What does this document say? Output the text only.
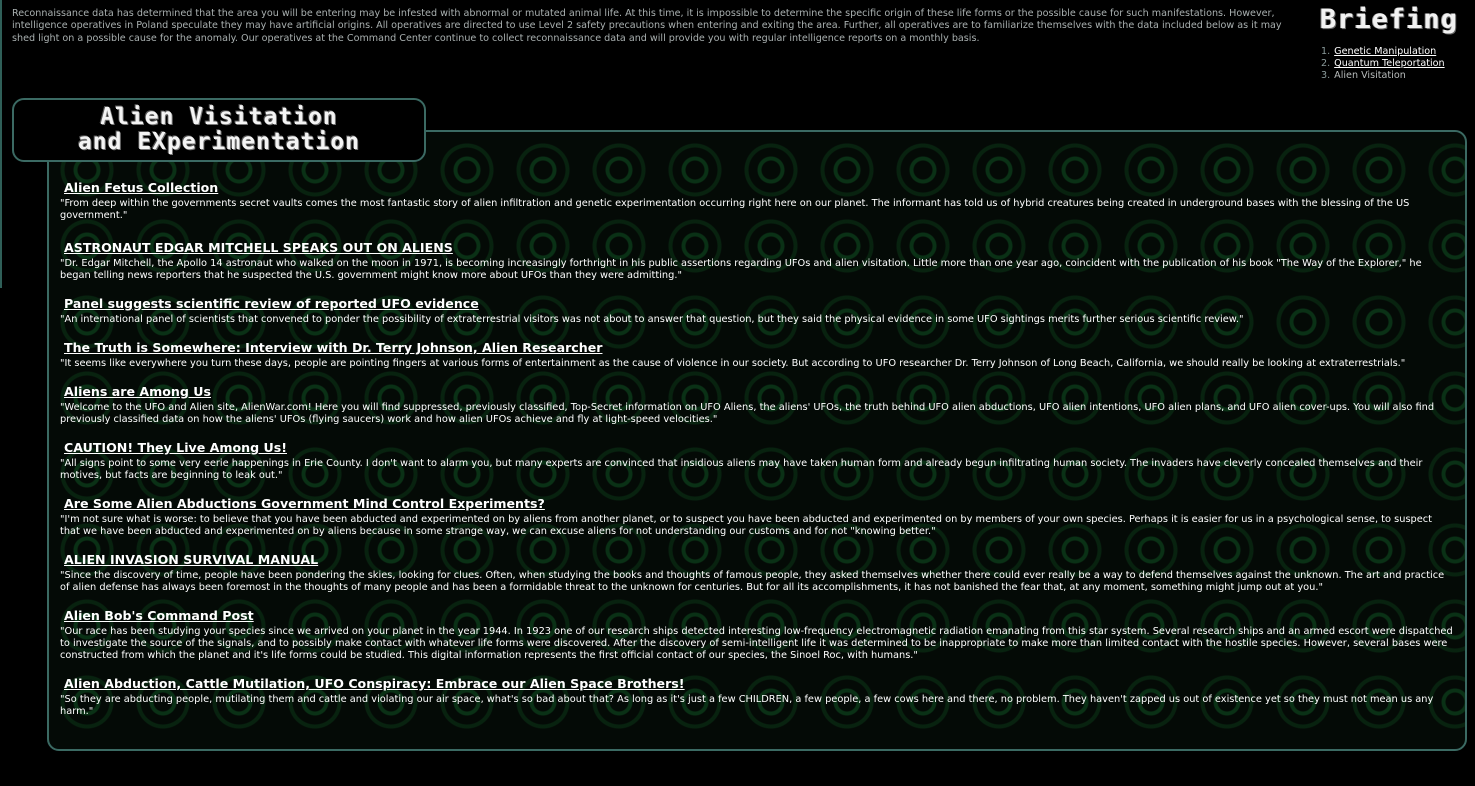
Reconnaissance data has determined that the area you will be entering may be infested with abnormal or mutated animal life. At this time, it is impossible to determine the specific origin of these life forms or the possible cause for such manifestations. However, intelligence operatives in Poland speculate they may have artificial origins. All operatives are directed to use Level 2 safety precautions when entering and exiting the area. Further, all operatives are to familiarize themselves with the data included below as it may shed light on a possible cause for the anomaly. Our operatives at the Command Center continue to collect reconnaissance data and will provide you with regular intelligence reports on a monthly basis.

Briefing
1. Genetic Manipulation
2. Quantum Teleportation
3. Alien Visitation
Alien Visitation
and EXperimentation
Alien Fetus Collection

"From deep within the governments secret vaults comes the most fantastic story of alien infiltration and genetic experimentation occurring right here on our planet. The informant has told us of hybrid creatures being created in underground bases with the blessing of the US government."

ASTRONAUT EDGAR MITCHELL SPEAKS OUT ON ALIENS

"Dr. Edgar Mitchell, the Apollo 14 astronaut who walked on the moon in 1971, is becoming increasingly forthright in his public assertions regarding UFOs and alien visitation. Little more than one year ago, coincident with the publication of his book "The Way of the Explorer," he began telling news reporters that he suspected the U.S. government might know more about UFOs than they were admitting."

Panel suggests scientific review of reported UFO evidence

"An international panel of scientists that convened to ponder the possibility of extraterrestrial visitors was not about to answer that question, but they said the physical evidence in some UFO sightings merits further serious scientific review."

The Truth is Somewhere: Interview with Dr. Terry Johnson, Alien Researcher

"It seems like everywhere you turn these days, people are pointing fingers at various forms of entertainment as the cause of violence in our society. But according to UFO researcher Dr. Terry Johnson of Long Beach, California, we should really be looking at extraterrestrials."

Aliens are Among Us

"Welcome to the UFO and Alien site, AlienWar.com! Here you will find suppressed, previously classified, Top-Secret information on UFO Aliens, the aliens' UFOs, the truth behind UFO alien abductions, UFO alien intentions, UFO alien plans, and UFO alien cover-ups. You will also find previously classified data on how the aliens' UFOs (flying saucers) work and how alien UFOs achieve and fly at light-speed velocities."

CAUTION! They Live Among Us!

"All signs point to some very eerie happenings in Erie County. I don't want to alarm you, but many experts are convinced that insidious aliens may have taken human form and already begun infiltrating human society. The invaders have cleverly concealed themselves and their motives, but facts are beginning to leak out."

Are Some Alien Abductions Government Mind Control Experiments?

"I'm not sure what is worse: to believe that you have been abducted and experimented on by aliens from another planet, or to suspect you have been abducted and experimented on by members of your own species. Perhaps it is easier for us in a psychological sense, to suspect that we have been abducted and experimented on by aliens because in some strange way, we can excuse aliens for not understanding our customs and for not "knowing better."

ALIEN INVASION SURVIVAL MANUAL

"Since the discovery of time, people have been pondering the skies, looking for clues. Often, when studying the books and thoughts of famous people, they asked themselves whether there could ever really be a way to defend themselves against the unknown. The art and practice of alien defense has always been foremost in the thoughts of many people and has been a formidable threat to the unknown for centuries. But for all its accomplishments, it has not banished the fear that, at any moment, something might jump out at you."

Alien Bob's Command Post

"Our race has been studying your species since we arrived on your planet in the year 1944. In 1923 one of our research ships detected interesting low-frequency electromagnetic radiation emanating from this star system. Several research ships and an armed escort were dispatched to investigate the source of the signals, and to possibly make contact with whatever life forms were discovered. After the discovery of semi-intelligent life it was determined to be inappropriate to make more than limited contact with the hostile species. However, several bases were constructed from which the planet and it's life forms could be studied. This digital information represents the first official contact of our species, the Sinoel Roc, with humans."

Alien Abduction, Cattle Mutilation, UFO Conspiracy: Embrace our Alien Space Brothers!

"So they are abducting people, mutilating them and cattle and violating our air space, what's so bad about that? As long as it's just a few CHILDREN, a few people, a few cows here and there, no problem. They haven't zapped us out of existence yet so they must not mean us any harm."
